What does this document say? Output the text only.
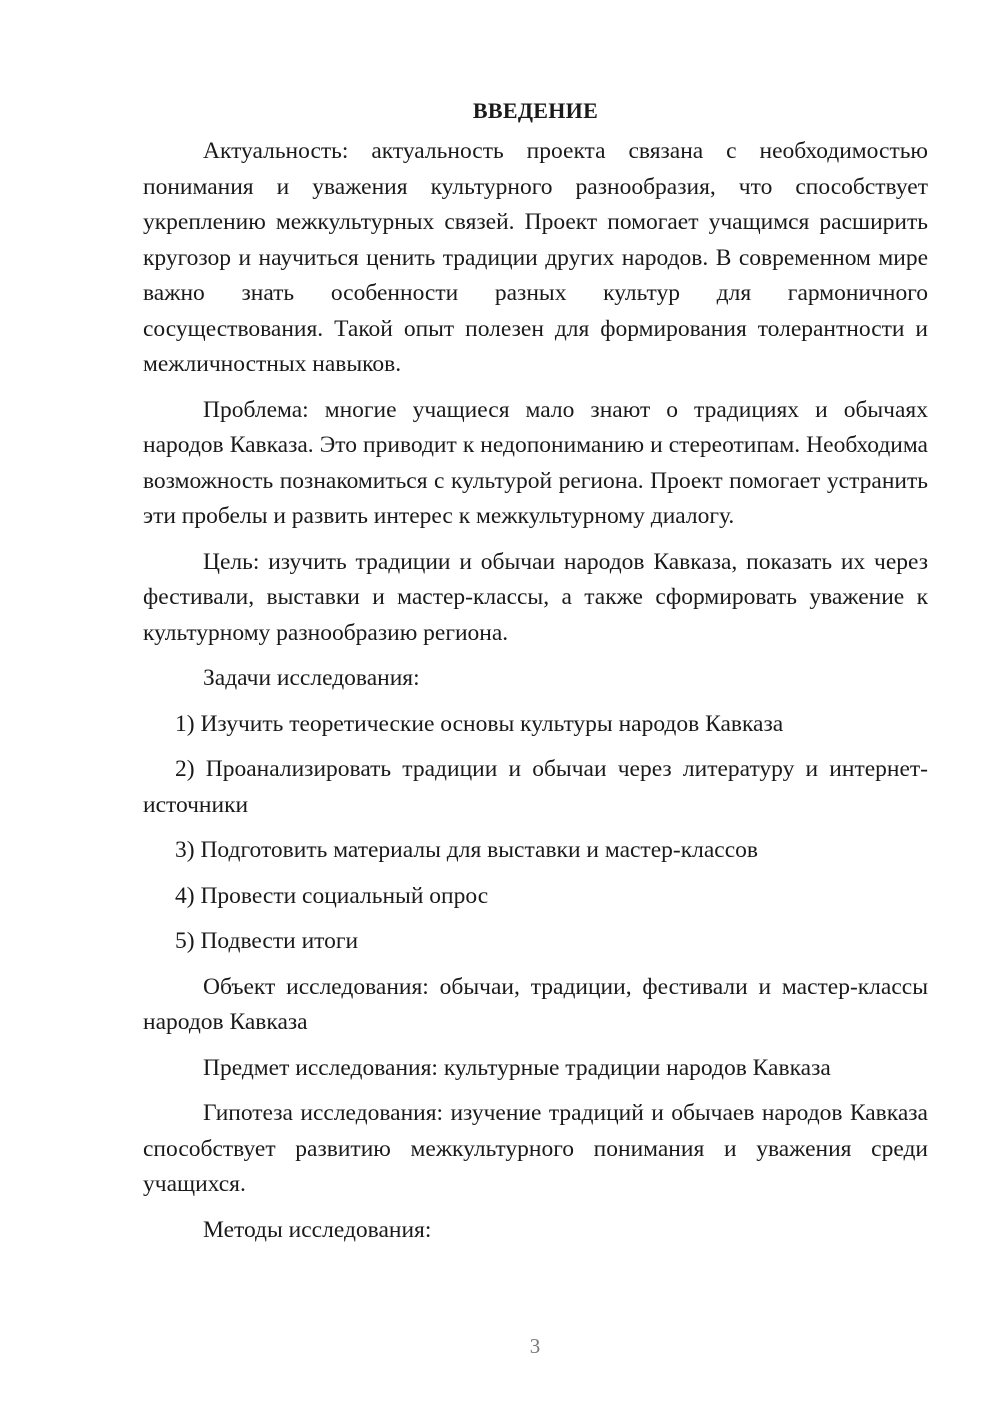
ВВЕДЕНИЕ

Актуальность: актуальность проекта связана с необходимостью понимания и уважения культурного разнообразия, что способствует укреплению межкультурных связей. Проект помогает учащимся расширить кругозор и научиться ценить традиции других народов. В современном мире важно знать особенности разных культур для гармоничного сосуществования. Такой опыт полезен для формирования толерантности и межличностных навыков.

Проблема: многие учащиеся мало знают о традициях и обычаях народов Кавказа. Это приводит к недопониманию и стереотипам. Необходима возможность познакомиться с культурой региона. Проект помогает устранить эти пробелы и развить интерес к межкультурному диалогу.

Цель: изучить традиции и обычаи народов Кавказа, показать их через фестивали, выставки и мастер-классы, а также сформировать уважение к культурному разнообразию региона.

Задачи исследования:

1) Изучить теоретические основы культуры народов Кавказа

2) Проанализировать традиции и обычаи через литературу и интернет-источники

3) Подготовить материалы для выставки и мастер-классов

4) Провести социальный опрос

5) Подвести итоги

Объект исследования: обычаи, традиции, фестивали и мастер-классы народов Кавказа

Предмет исследования: культурные традиции народов Кавказа

Гипотеза исследования: изучение традиций и обычаев народов Кавказа способствует развитию межкультурного понимания и уважения среди учащихся.

Методы исследования:

3
